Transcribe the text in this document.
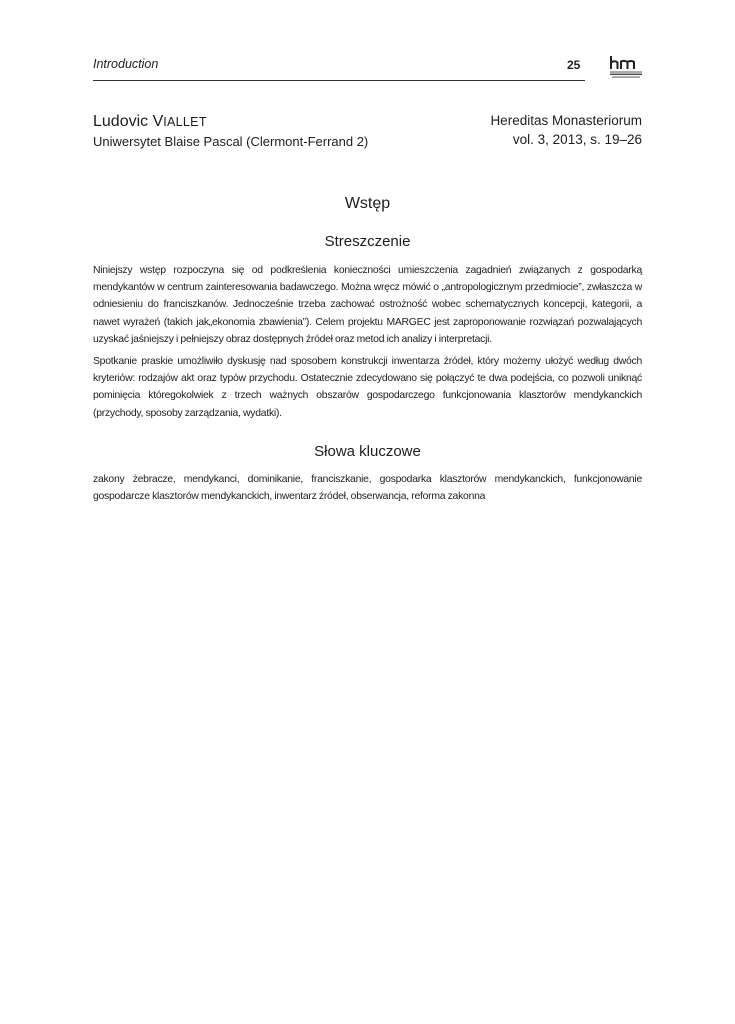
Introduction	25
Ludovic VIALLET
Uniwersytet Blaise Pascal (Clermont-Ferrand 2)
Hereditas Monasteriorum
vol. 3, 2013, s. 19–26
Wstęp
Streszczenie

Niniejszy wstęp rozpoczyna się od podkreślenia konieczności umieszczenia zagadnień związanych z gospodarką mendykantów w centrum zainteresowania badawczego. Można wręcz mówić o „antropologicznym przedmiocie”, zwłaszcza w odniesieniu do franciszkanów. Jednocześnie trzeba zachować ostrożność wobec schematycznych koncepcji, kategorii, a nawet wyrażeń (takich jak„ekonomia zbawienia”). Celem projektu MARGEC jest zaproponowanie rozwiązań pozwalających uzyskać jaśniejszy i pełniejszy obraz dostępnych źródeł oraz metod ich analizy i interpretacji.

Spotkanie praskie umożliwiło dyskusję nad sposobem konstrukcji inwentarza źródeł, który możemy ułożyć według dwóch kryteriów: rodzajów akt oraz typów przychodu. Ostatecznie zdecydowano się połączyć te dwa podejścia, co pozwoli uniknąć pominięcia któregokolwiek z trzech ważnych obszarów gospodarczego funkcjonowania klasztorów mendykanckich (przychody, sposoby zarządzania, wydatki).

Słowa kluczowe

zakony żebracze, mendykanci, dominikanie, franciszkanie, gospodarka klasztorów mendykanckich, funkcjonowanie gospodarcze klasztorów mendykanckich, inwentarz źródeł, obserwancja, reforma zakonna
